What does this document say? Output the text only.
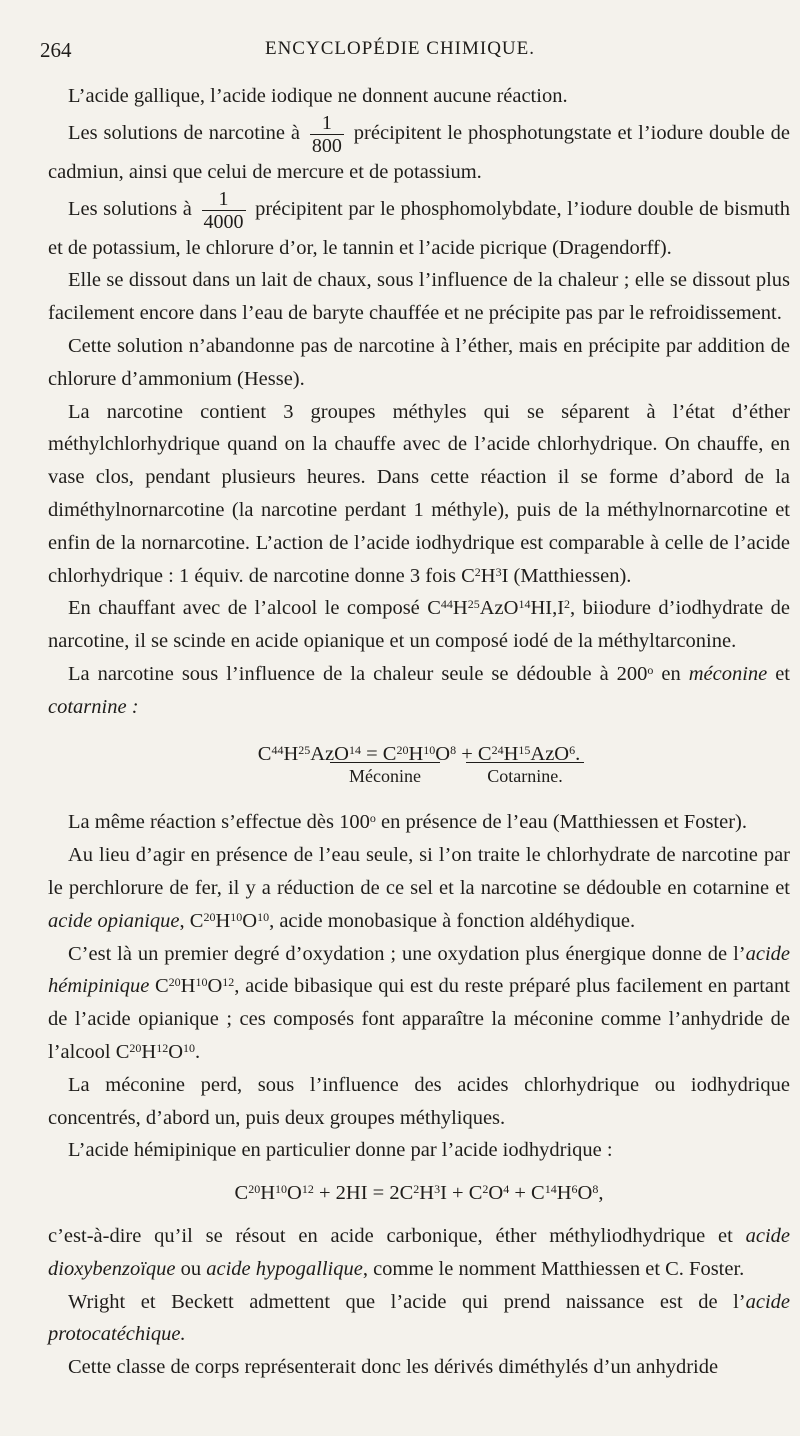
264	ENCYCLOPÉDIE CHIMIQUE.

L’acide gallique, l’acide iodique ne donnent aucune réaction.

Les solutions de narcotine à $\frac{1}{800}$ précipitent le phosphotungstate et l’iodure double de cadmiun, ainsi que celui de mercure et de potassium.

Les solutions à $\frac{1}{4000}$ précipitent par le phosphomolybdate, l’iodure double de bismuth et de potassium, le chlorure d’or, le tannin et l’acide picrique (Dragendorff).

Elle se dissout dans un lait de chaux, sous l’influence de la chaleur ; elle se dissout plus facilement encore dans l’eau de baryte chauffée et ne précipite pas par le refroidissement.

Cette solution n’abandonne pas de narcotine à l’éther, mais en précipite par addition de chlorure d’ammonium (Hesse).

La narcotine contient 3 groupes méthyles qui se séparent à l’état d’éther méthylchlorhydrique quand on la chauffe avec de l’acide chlorhydrique. On chauffe, en vase clos, pendant plusieurs heures. Dans cette réaction il se forme d’abord de la diméthylnornarcotine (la narcotine perdant 1 méthyle), puis de la méthylnornarcotine et enfin de la nornarcotine. L’action de l’acide iodhydrique est comparable à celle de l’acide chlorhydrique : 1 équiv. de narcotine donne 3 fois $C^2H^3I$ (Matthiessen).

En chauffant avec de l’alcool le composé $C^{44}H^{25}AzO^{14}HI,I^2$, biiodure d’iodhydrate de narcotine, il se scinde en acide opianique et un composé iodé de la méthyltarconine.

La narcotine sous l’influence de la chaleur seule se dédouble à 200$^o$ en méconine et cotarnine :

$C^{44}H^{25}AzO^{14} = C^{20}H^{10}O^8 + C^{24}H^{15}AzO^6$.

Méconine	Cotarnine.

La même réaction s’effectue dès 100$^o$ en présence de l’eau (Matthiessen et Foster).

Au lieu d’agir en présence de l’eau seule, si l’on traite le chlorhydrate de narcotine par le perchlorure de fer, il y a réduction de ce sel et la narcotine se dédouble en cotarnine et acide opianique, $C^{20}H^{10}O^{10}$, acide monobasique à fonction aldéhydique.

C’est là un premier degré d’oxydation ; une oxydation plus énergique donne de l’acide hémipinique $C^{20}H^{10}O^{12}$, acide bibasique qui est du reste préparé plus facilement en partant de l’acide opianique ; ces composés font apparaître la méconine comme l’anhydride de l’alcool $C^{20}H^{12}O^{10}$.

La méconine perd, sous l’influence des acides chlorhydrique ou iodhydrique concentrés, d’abord un, puis deux groupes méthyliques.

L’acide hémipinique en particulier donne par l’acide iodhydrique :

$C^{20}H^{10}O^{12} + 2HI = 2C^2H^3I + C^2O^4 + C^{14}H^6O^8$,

c’est-à-dire qu’il se résout en acide carbonique, éther méthyliodhydrique et acide dioxybenzoïque ou acide hypogallique, comme le nomment Matthiessen et C. Foster.

Wright et Beckett admettent que l’acide qui prend naissance est de l’acide protocatéchique.

Cette classe de corps représenterait donc les dérivés diméthylés d’un anhydride
